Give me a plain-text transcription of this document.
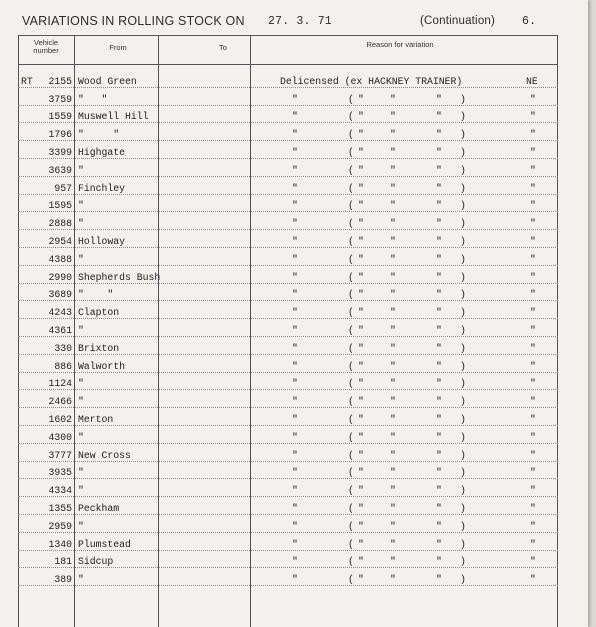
VARIATIONS IN ROLLING STOCK ON 27. 3. 71	(Continuation) 6.
Vehicle number	From	To	Reason for variation
RT 2155 Wood Green	Delicensed (ex HACKNEY TRAINER)	NE
3759 "   "	"	( "	"	" )	"
1559 Muswell Hill	"	( "	"	" )	"
1796 "     "	"	( "	"	" )	"
3399 Highgate	"	( "	"	" )	"
3639 "	"	( "	"	" )	"
957 Finchley	"	( "	"	" )	"
1595 "	"	( "	"	" )	"
2888 "	"	( "	"	" )	"
2954 Holloway	"	( "	"	" )	"
4388 "	"	( "	"	" )	"
2990 Shepherds Bush	"	( "	"	" )	"
3689 "    "	"	( "	"	" )	"
4243 Clapton	"	( "	"	" )	"
4361 "	"	( "	"	" )	"
330 Brixton	"	( "	"	" )	"
886 Walworth	"	( "	"	" )	"
1124 "	"	( "	"	" )	"
2466 "	"	( "	"	" )	"
1602 Merton	"	( "	"	" )	"
4300 "	"	( "	"	" )	"
3777 New Cross	"	( "	"	" )	"
3935 "	"	( "	"	" )	"
4334 "	"	( "	"	" )	"
1355 Peckham	"	( "	"	" )	"
2959 "	"	( "	"	" )	"
1340 Plumstead	"	( "	"	" )	"
181 Sidcup	"	( "	"	" )	"
389 "	"	( "	"	" )	"
